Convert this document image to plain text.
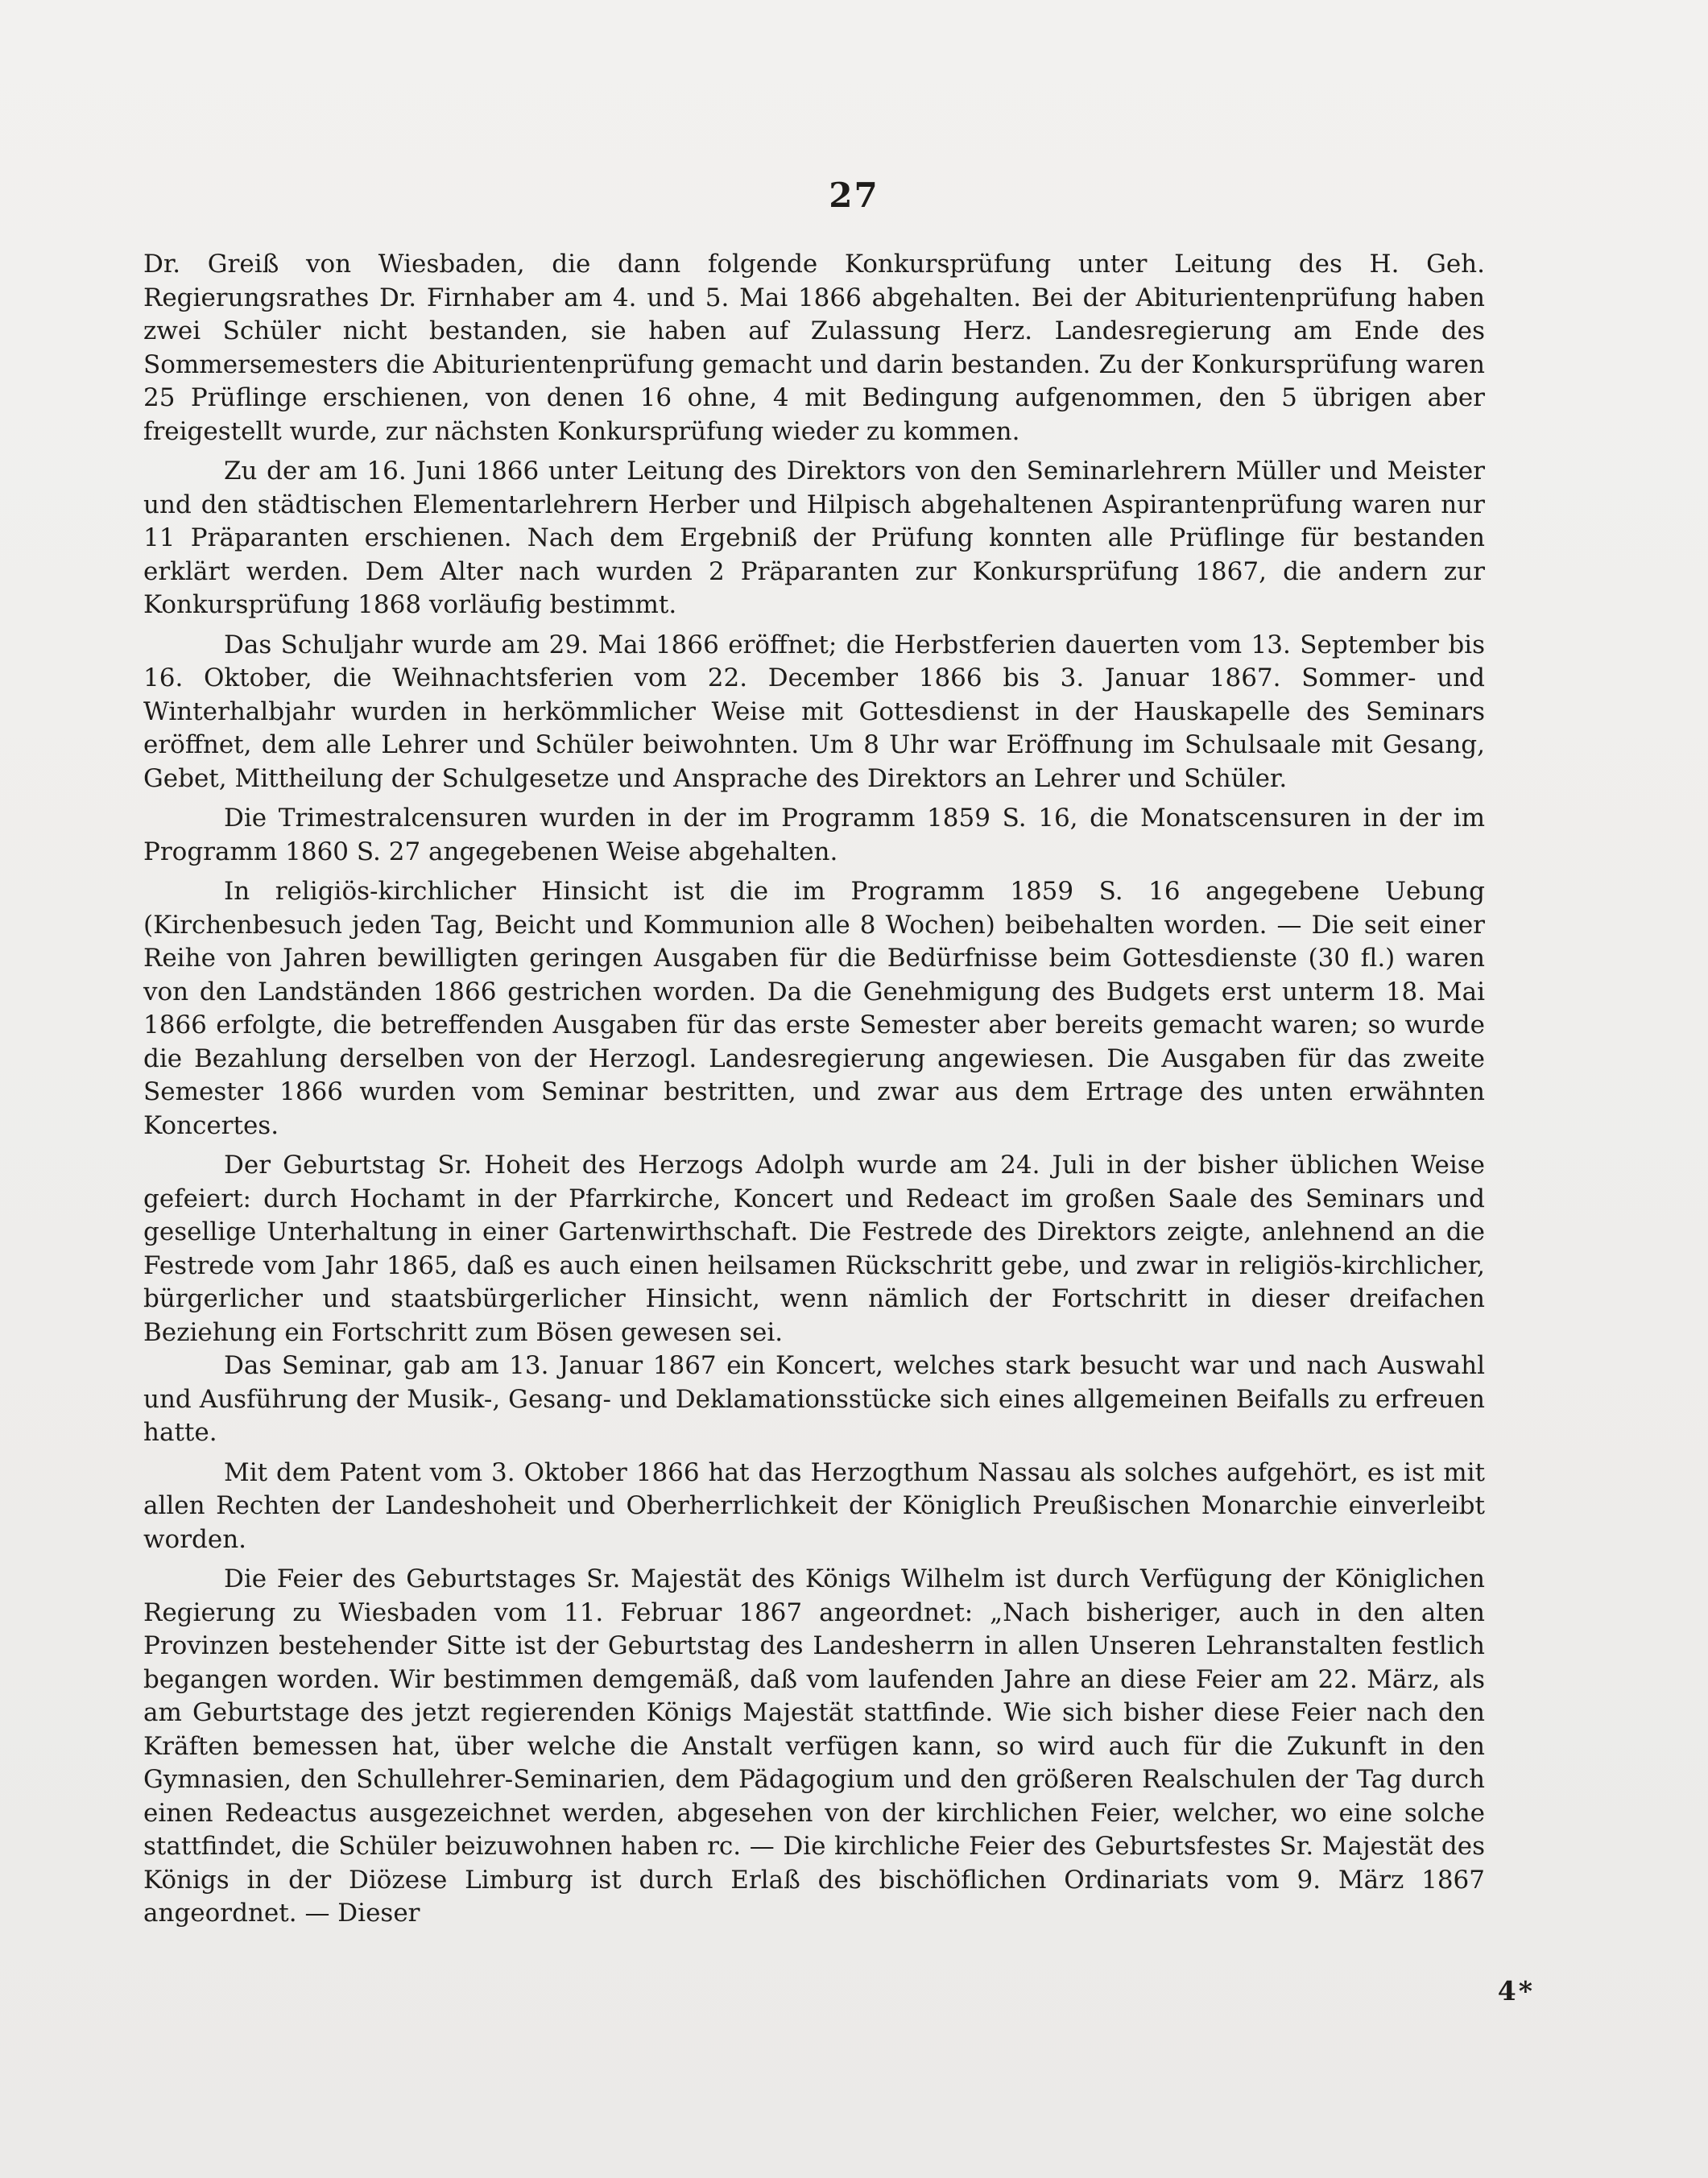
27

Dr. Greiß von Wiesbaden, die dann folgende Konkursprüfung unter Leitung des H. Geh. Regierungsrathes Dr. Firnhaber am 4. und 5. Mai 1866 abgehalten. Bei der Abiturientenprüfung haben zwei Schüler nicht bestanden, sie haben auf Zulassung Herz. Landesregierung am Ende des Sommersemesters die Abiturientenprüfung gemacht und darin bestanden. Zu der Konkursprüfung waren 25 Prüflinge erschienen, von denen 16 ohne, 4 mit Bedingung aufgenommen, den 5 übrigen aber freigestellt wurde, zur nächsten Konkursprüfung wieder zu kommen.

Zu der am 16. Juni 1866 unter Leitung des Direktors von den Seminarlehrern Müller und Meister und den städtischen Elementarlehrern Herber und Hilpisch abgehaltenen Aspirantenprüfung waren nur 11 Präparanten erschienen. Nach dem Ergebniß der Prüfung konnten alle Prüflinge für bestanden erklärt werden. Dem Alter nach wurden 2 Präparanten zur Konkursprüfung 1867, die andern zur Konkursprüfung 1868 vorläufig bestimmt.

Das Schuljahr wurde am 29. Mai 1866 eröffnet; die Herbstferien dauerten vom 13. September bis 16. Oktober, die Weihnachtsferien vom 22. December 1866 bis 3. Januar 1867. Sommer- und Winterhalbjahr wurden in herkömmlicher Weise mit Gottesdienst in der Hauskapelle des Seminars eröffnet, dem alle Lehrer und Schüler beiwohnten. Um 8 Uhr war Eröffnung im Schulsaale mit Gesang, Gebet, Mittheilung der Schulgesetze und Ansprache des Direktors an Lehrer und Schüler.

Die Trimestralcensuren wurden in der im Programm 1859 S. 16, die Monatscensuren in der im Programm 1860 S. 27 angegebenen Weise abgehalten.

In religiös-kirchlicher Hinsicht ist die im Programm 1859 S. 16 angegebene Uebung (Kirchenbesuch jeden Tag, Beicht und Kommunion alle 8 Wochen) beibehalten worden. — Die seit einer Reihe von Jahren bewilligten geringen Ausgaben für die Bedürfnisse beim Gottesdienste (30 fl.) waren von den Landständen 1866 gestrichen worden. Da die Genehmigung des Budgets erst unterm 18. Mai 1866 erfolgte, die betreffenden Ausgaben für das erste Semester aber bereits gemacht waren; so wurde die Bezahlung derselben von der Herzogl. Landesregierung angewiesen. Die Ausgaben für das zweite Semester 1866 wurden vom Seminar bestritten, und zwar aus dem Ertrage des unten erwähnten Koncertes.

Der Geburtstag Sr. Hoheit des Herzogs Adolph wurde am 24. Juli in der bisher üblichen Weise gefeiert: durch Hochamt in der Pfarrkirche, Koncert und Redeact im großen Saale des Seminars und gesellige Unterhaltung in einer Gartenwirthschaft. Die Festrede des Direktors zeigte, anlehnend an die Festrede vom Jahr 1865, daß es auch einen heilsamen Rückschritt gebe, und zwar in religiös-kirchlicher, bürgerlicher und staatsbürgerlicher Hinsicht, wenn nämlich der Fortschritt in dieser dreifachen Beziehung ein Fortschritt zum Bösen gewesen sei.

Das Seminar, gab am 13. Januar 1867 ein Koncert, welches stark besucht war und nach Auswahl und Ausführung der Musik-, Gesang- und Deklamationsstücke sich eines allgemeinen Beifalls zu erfreuen hatte.

Mit dem Patent vom 3. Oktober 1866 hat das Herzogthum Nassau als solches aufgehört, es ist mit allen Rechten der Landeshoheit und Oberherrlichkeit der Königlich Preußischen Monarchie einverleibt worden.

Die Feier des Geburtstages Sr. Majestät des Königs Wilhelm ist durch Verfügung der Königlichen Regierung zu Wiesbaden vom 11. Februar 1867 angeordnet: „Nach bisheriger, auch in den alten Provinzen bestehender Sitte ist der Geburtstag des Landesherrn in allen Unseren Lehranstalten festlich begangen worden. Wir bestimmen demgemäß, daß vom laufenden Jahre an diese Feier am 22. März, als am Geburtstage des jetzt regierenden Königs Majestät stattfinde. Wie sich bisher diese Feier nach den Kräften bemessen hat, über welche die Anstalt verfügen kann, so wird auch für die Zukunft in den Gymnasien, den Schullehrer-Seminarien, dem Pädagogium und den größeren Realschulen der Tag durch einen Redeactus ausgezeichnet werden, abgesehen von der kirchlichen Feier, welcher, wo eine solche stattfindet, die Schüler beizuwohnen haben rc. — Die kirchliche Feier des Geburtsfestes Sr. Majestät des Königs in der Diözese Limburg ist durch Erlaß des bischöflichen Ordinariats vom 9. März 1867 angeordnet. — Dieser

4*
